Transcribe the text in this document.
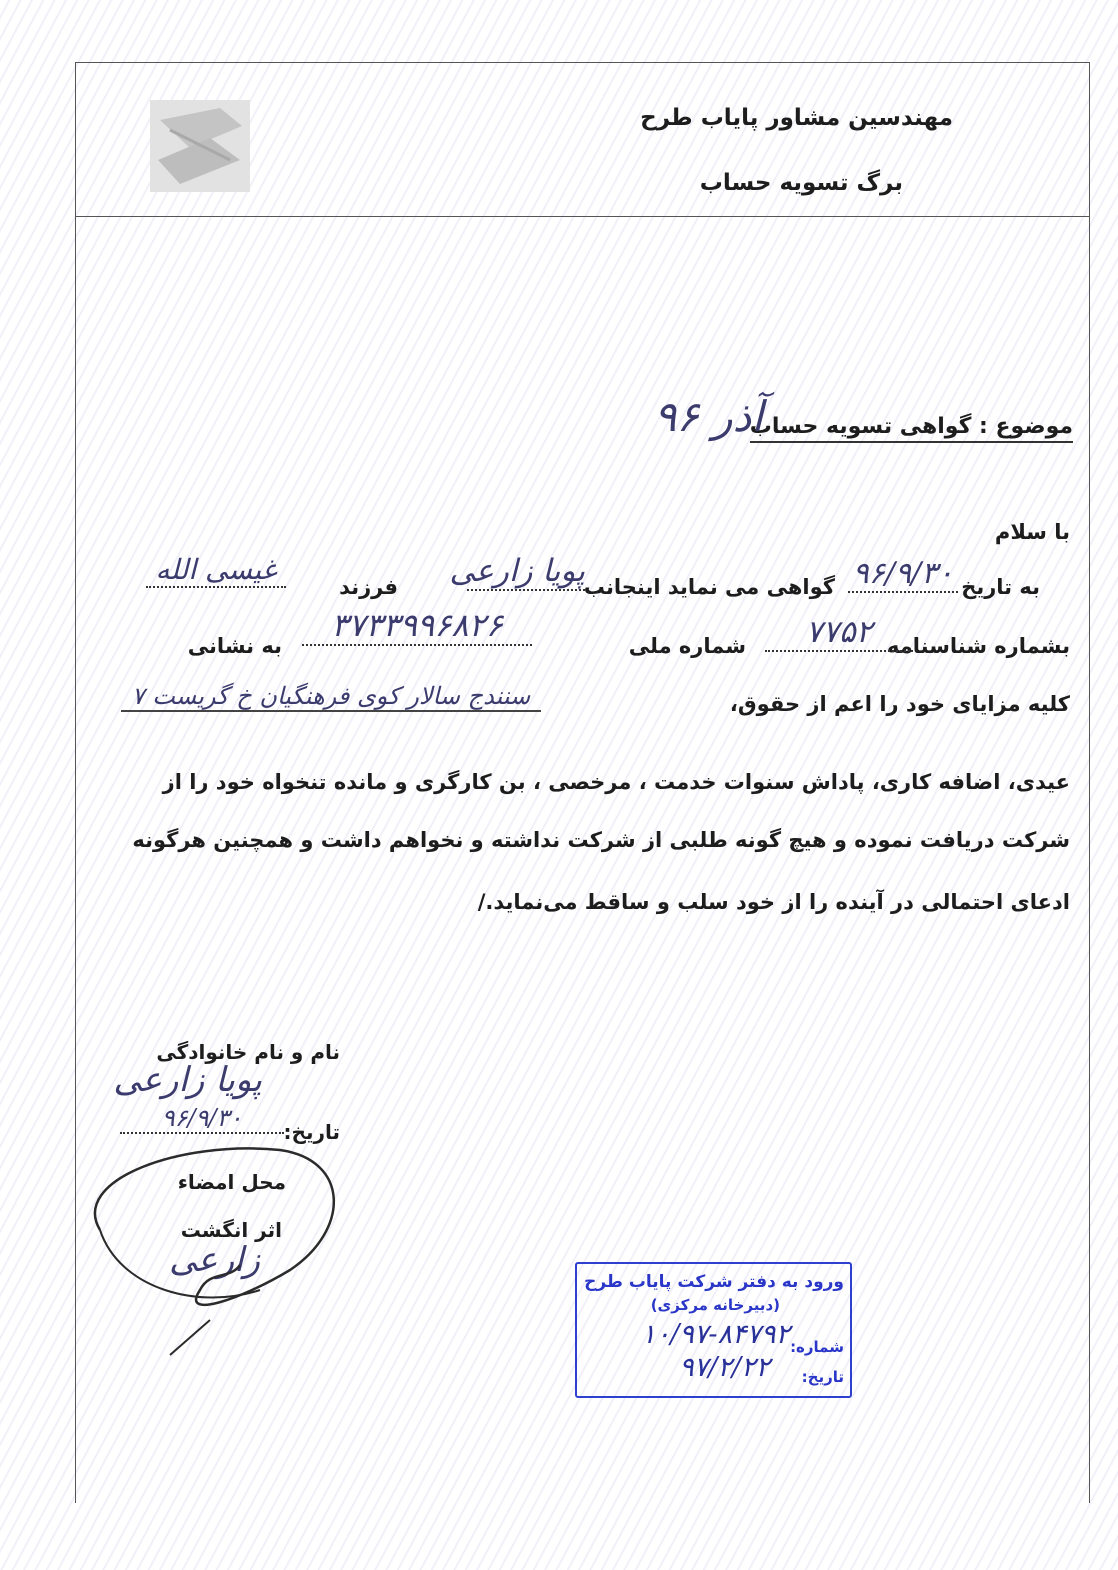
مهندسین مشاور پایاب طرح
برگ تسویه حساب
موضوع : گواهی تسویه حساب
آذر ۹۶
با سلام
به تاریخ
۹۶/۹/۳۰
گواهی می نماید اینجانب
پویا زارعی
فرزند
غیسی الله
بشماره شناسنامه
۷۷۵۲
شماره ملی
۳۷۳۳۹۹۶۸۲۶
به نشانی
سنندج سالار کوی فرهنگیان خ گریست ۷	کلیه مزایای خود را اعم از حقوق،
عیدی، اضافه کاری، پاداش سنوات خدمت ، مرخصی ، بن کارگری و مانده تنخواه خود را از
شرکت دریافت نموده و هیچ گونه طلبی از شرکت نداشته و نخواهم داشت و همچنین هرگونه
ادعای احتمالی در آینده را از خود سلب و ساقط می‌نماید./
نام و نام خانوادگی
پویا زارعی
تاریخ:
۹۶/۹/۳۰
محل امضاء
اثر انگشت
زارعی
ورود به دفتر شرکت پایاب طرح
(دبیرخانه مرکزی)
شماره:
۱۰/۹۷-۸۴۷۹۲
تاریخ:
۹۷/۲/۲۲
